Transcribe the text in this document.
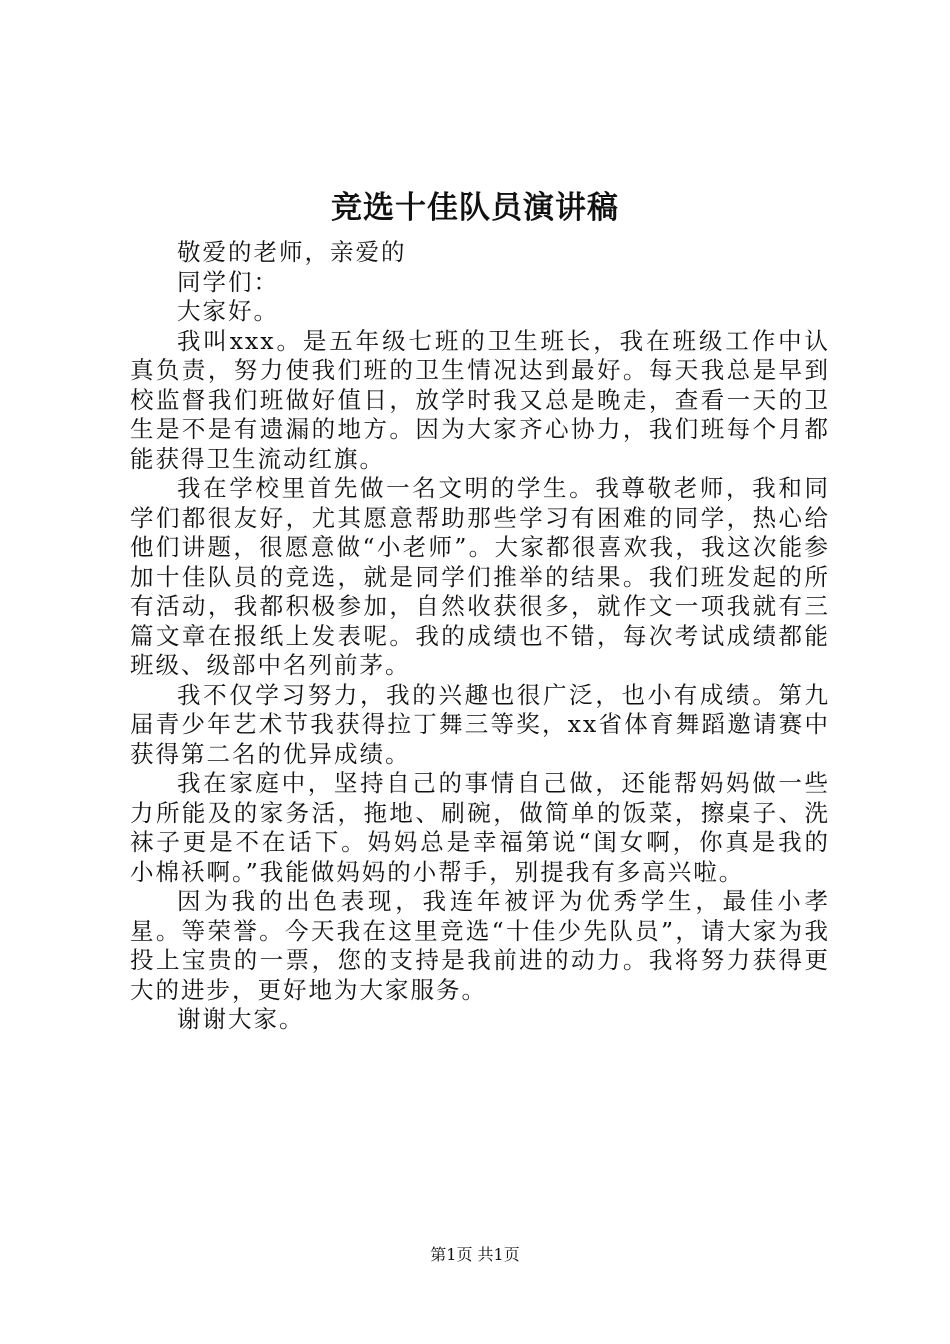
竞选十佳队员演讲稿

敬爱的老师，亲爱的

同学们：

大家好。

我叫xxx。是五年级七班的卫生班长，我在班级工作中认真负责，努力使我们班的卫生情况达到最好。每天我总是早到校监督我们班做好值日，放学时我又总是晚走，查看一天的卫生是不是有遗漏的地方。因为大家齐心协力，我们班每个月都能获得卫生流动红旗。

我在学校里首先做一名文明的学生。我尊敬老师，我和同学们都很友好，尤其愿意帮助那些学习有困难的同学，热心给他们讲题，很愿意做“小老师”。大家都很喜欢我，我这次能参加十佳队员的竞选，就是同学们推举的结果。我们班发起的所有活动，我都积极参加，自然收获很多，就作文一项我就有三篇文章在报纸上发表呢。我的成绩也不错，每次考试成绩都能班级、级部中名列前茅。

我不仅学习努力，我的兴趣也很广泛，也小有成绩。第九届青少年艺术节我获得拉丁舞三等奖，xx省体育舞蹈邀请赛中获得第二名的优异成绩。

我在家庭中，坚持自己的事情自己做，还能帮妈妈做一些力所能及的家务活，拖地、刷碗，做简单的饭菜，擦桌子、洗袜子更是不在话下。妈妈总是幸福第说“闺女啊，你真是我的小棉袄啊。”我能做妈妈的小帮手，别提我有多高兴啦。

因为我的出色表现，我连年被评为优秀学生，最佳小孝星。等荣誉。今天我在这里竞选“十佳少先队员”，请大家为我投上宝贵的一票，您的支持是我前进的动力。我将努力获得更大的进步，更好地为大家服务。

谢谢大家。

第1页 共1页
